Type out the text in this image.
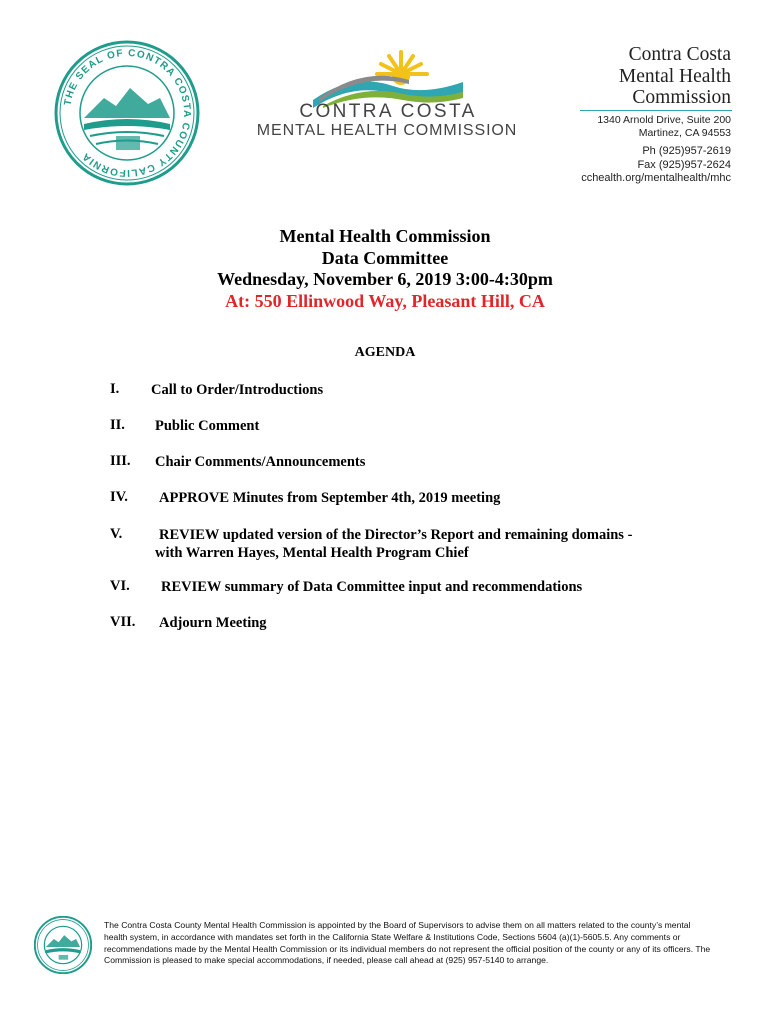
THE SEAL OF CONTRA COSTA COUNTY CALIFORNIA
CONTRA COSTA
MENTAL HEALTH COMMISSION
Contra Costa
Mental Health
Commission
1340 Arnold Drive, Suite 200
Martinez, CA 94553
Ph (925)957-2619
Fax (925)957-2624
cchealth.org/mentalhealth/mhc
Mental Health Commission
Data Committee
Wednesday, November 6, 2019 3:00-4:30pm
At: 550 Ellinwood Way, Pleasant Hill, CA
AGENDA
I. Call to Order/Introductions
II. Public Comment
III. Chair Comments/Announcements
IV. APPROVE Minutes from September 4th, 2019 meeting
V.	REVIEW updated version of the Director’s Report and remaining domains -
with Warren Hayes, Mental Health Program Chief
VI. REVIEW summary of Data Committee input and recommendations
VII. Adjourn Meeting
The Contra Costa County Mental Health Commission is appointed by the Board of Supervisors to advise them on all matters related to the county’s mental health system, in accordance with mandates set forth in the California State Welfare & Institutions Code, Sections 5604 (a)(1)-5605.5. Any comments or recommendations made by the Mental Health Commission or its individual members do not represent the official position of the county or any of its officers. The Commission is pleased to make special accommodations, if needed, please call ahead at (925) 957-5140 to arrange.
